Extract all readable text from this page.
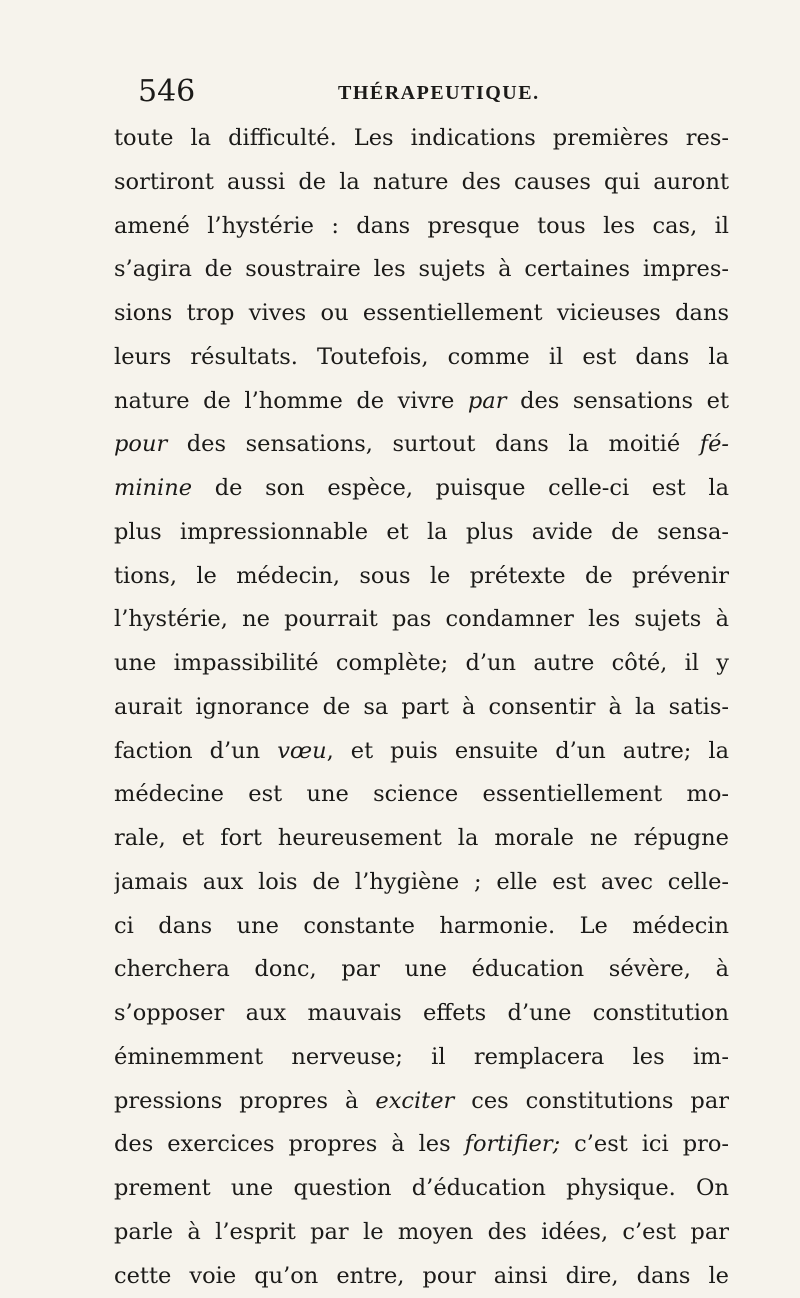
546	THÉRAPEUTIQUE.
toute la difficulté. Les indications premières res-
sortiront aussi de la nature des causes qui auront
amené l’hystérie : dans presque tous les cas, il
s’agira de soustraire les sujets à certaines impres-
sions trop vives ou essentiellement vicieuses dans
leurs résultats. Toutefois, comme il est dans la
nature de l’homme de vivre par des sensations et
pour des sensations, surtout dans la moitié fé-
minine de son espèce, puisque celle-ci est la
plus impressionnable et la plus avide de sensa-
tions, le médecin, sous le prétexte de prévenir
l’hystérie, ne pourrait pas condamner les sujets à
une impassibilité complète; d’un autre côté, il y
aurait ignorance de sa part à consentir à la satis-
faction d’un vœu, et puis ensuite d’un autre; la
médecine est une science essentiellement mo-
rale, et fort heureusement la morale ne répugne
jamais aux lois de l’hygiène ; elle est avec celle-
ci dans une constante harmonie. Le médecin
cherchera donc, par une éducation sévère, à
s’opposer aux mauvais effets d’une constitution
éminemment nerveuse; il remplacera les im-
pressions propres à exciter ces constitutions par
des exercices propres à les fortifier; c’est ici pro-
prement une question d’éducation physique. On
parle à l’esprit par le moyen des idées, c’est par
cette voie qu’on entre, pour ainsi dire, dans le
